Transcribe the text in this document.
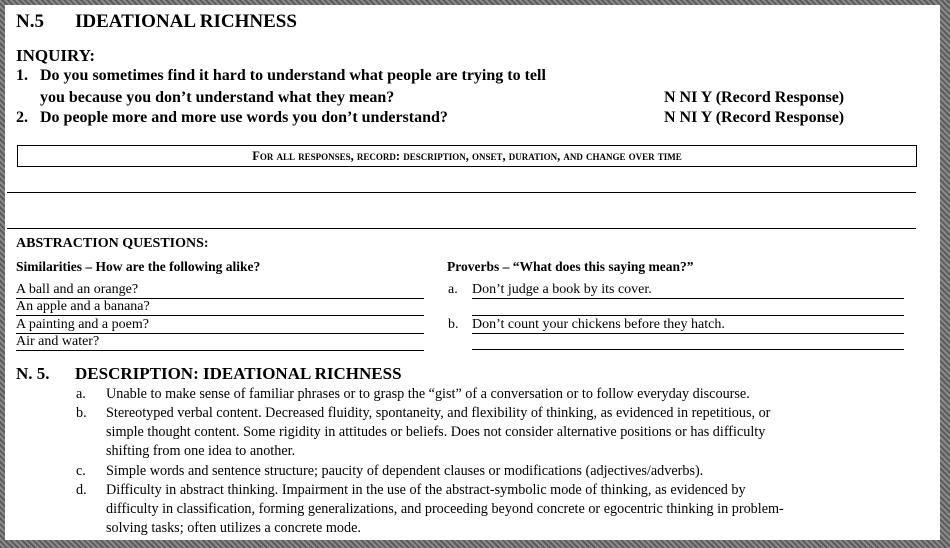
N.5 IDEATIONAL RICHNESS
INQUIRY:
1. Do you sometimes find it hard to understand what people are trying to tell
you because you don’t understand what they mean?	N NI Y (Record Response)
2. Do people more and more use words you don’t understand?	N NI Y (Record Response)
For all responses, record: description, onset, duration, and change over time
ABSTRACTION QUESTIONS:
Similarities – How are the following alike?	Proverbs – “What does this saying mean?”
A ball and an orange?
An apple and a banana?
A painting and a poem?
Air and water?
a. Don’t judge a book by its cover.
b. Don’t count your chickens before they hatch.
N. 5. DESCRIPTION: IDEATIONAL RICHNESS
a.	Unable to make sense of familiar phrases or to grasp the “gist” of a conversation or to follow everyday discourse.
b.	Stereotyped verbal content. Decreased fluidity, spontaneity, and flexibility of thinking, as evidenced in repetitious, or
simple thought content. Some rigidity in attitudes or beliefs. Does not consider alternative positions or has difficulty
shifting from one idea to another.
c.	Simple words and sentence structure; paucity of dependent clauses or modifications (adjectives/adverbs).
d.	Difficulty in abstract thinking. Impairment in the use of the abstract-symbolic mode of thinking, as evidenced by
difficulty in classification, forming generalizations, and proceeding beyond concrete or egocentric thinking in problem-
solving tasks; often utilizes a concrete mode.
